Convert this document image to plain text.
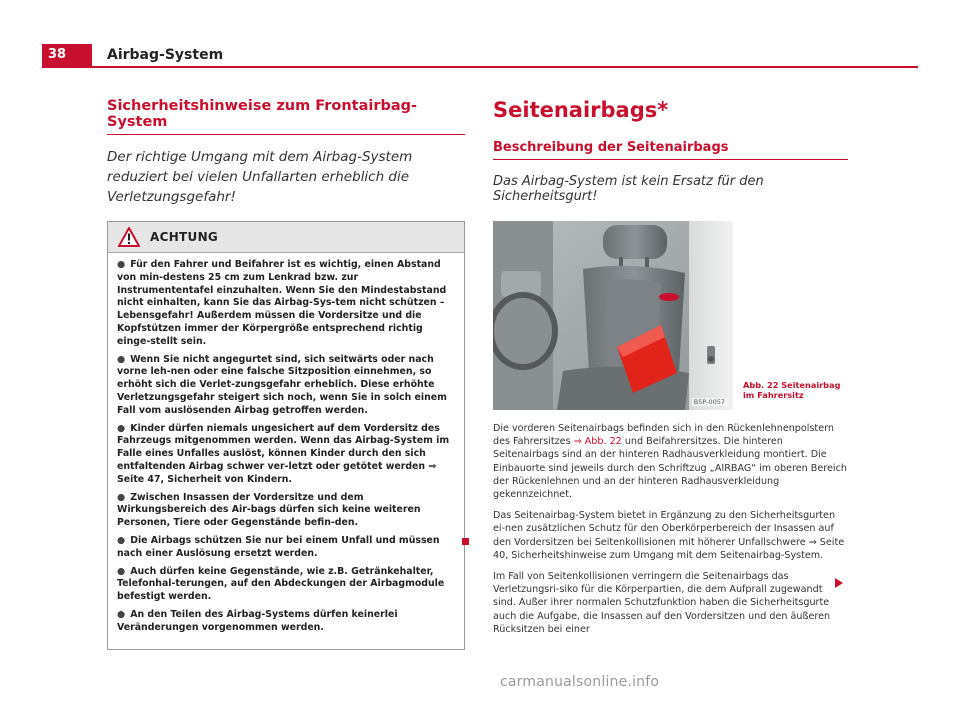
38	Airbag-System
Sicherheitshinweise zum Frontairbag-System

Der richtige Umgang mit dem Airbag-System reduziert bei vielen Unfallarten erheblich die Verletzungsgefahr!

ACHTUNG

● Für den Fahrer und Beifahrer ist es wichtig, einen Abstand von min-destens 25 cm zum Lenkrad bzw. zur Instrumententafel einzuhalten. Wenn Sie den Mindestabstand nicht einhalten, kann Sie das Airbag-Sys-tem nicht schützen – Lebensgefahr! Außerdem müssen die Vordersitze und die Kopfstützen immer der Körpergröße entsprechend richtig einge-stellt sein.

● Wenn Sie nicht angegurtet sind, sich seitwärts oder nach vorne leh-nen oder eine falsche Sitzposition einnehmen, so erhöht sich die Verlet-zungsgefahr erheblich. Diese erhöhte Verletzungsgefahr steigert sich noch, wenn Sie in solch einem Fall vom auslösenden Airbag getroffen werden.

● Kinder dürfen niemals ungesichert auf dem Vordersitz des Fahrzeugs mitgenommen werden. Wenn das Airbag-System im Falle eines Unfalles auslöst, können Kinder durch den sich entfaltenden Airbag schwer ver-letzt oder getötet werden ⇒ Seite 47, Sicherheit von Kindern.

● Zwischen Insassen der Vordersitze und dem Wirkungsbereich des Air-bags dürfen sich keine weiteren Personen, Tiere oder Gegenstände befin-den.

● Die Airbags schützen Sie nur bei einem Unfall und müssen nach einer Auslösung ersetzt werden.

● Auch dürfen keine Gegenstände, wie z.B. Getränkehalter, Telefonhal-terungen, auf den Abdeckungen der Airbagmodule befestigt werden.

● An den Teilen des Airbag-Systems dürfen keinerlei Veränderungen vorgenommen werden.

Seitenairbags*
Beschreibung der Seitenairbags

Das Airbag-System ist kein Ersatz für den Sicherheitsgurt!

B5P-0057
Abb. 22 Seitenairbag im Fahrersitz

Die vorderen Seitenairbags befinden sich in den Rückenlehnenpolstern des Fahrersitzes ⇒ Abb. 22 und Beifahrersitzes. Die hinteren Seitenairbags sind an der hinteren Radhausverkleidung montiert. Die Einbauorte sind jeweils durch den Schriftzug „AIRBAG“ im oberen Bereich der Rückenlehnen und an der hinteren Radhausverkleidung gekennzeichnet.

Das Seitenairbag-System bietet in Ergänzung zu den Sicherheitsgurten ei-nen zusätzlichen Schutz für den Oberkörperbereich der Insassen auf den Vordersitzen bei Seitenkollisionen mit höherer Unfallschwere ⇒ Seite 40, Sicherheitshinweise zum Umgang mit dem Seitenairbag-System.

Im Fall von Seitenkollisionen verringern die Seitenairbags das Verletzungsri-siko für die Körperpartien, die dem Aufprall zugewandt sind. Außer ihrer normalen Schutzfunktion haben die Sicherheitsgurte auch die Aufgabe, die Insassen auf den Vordersitzen und den äußeren Rücksitzen bei einer

carmanualsonline.info
